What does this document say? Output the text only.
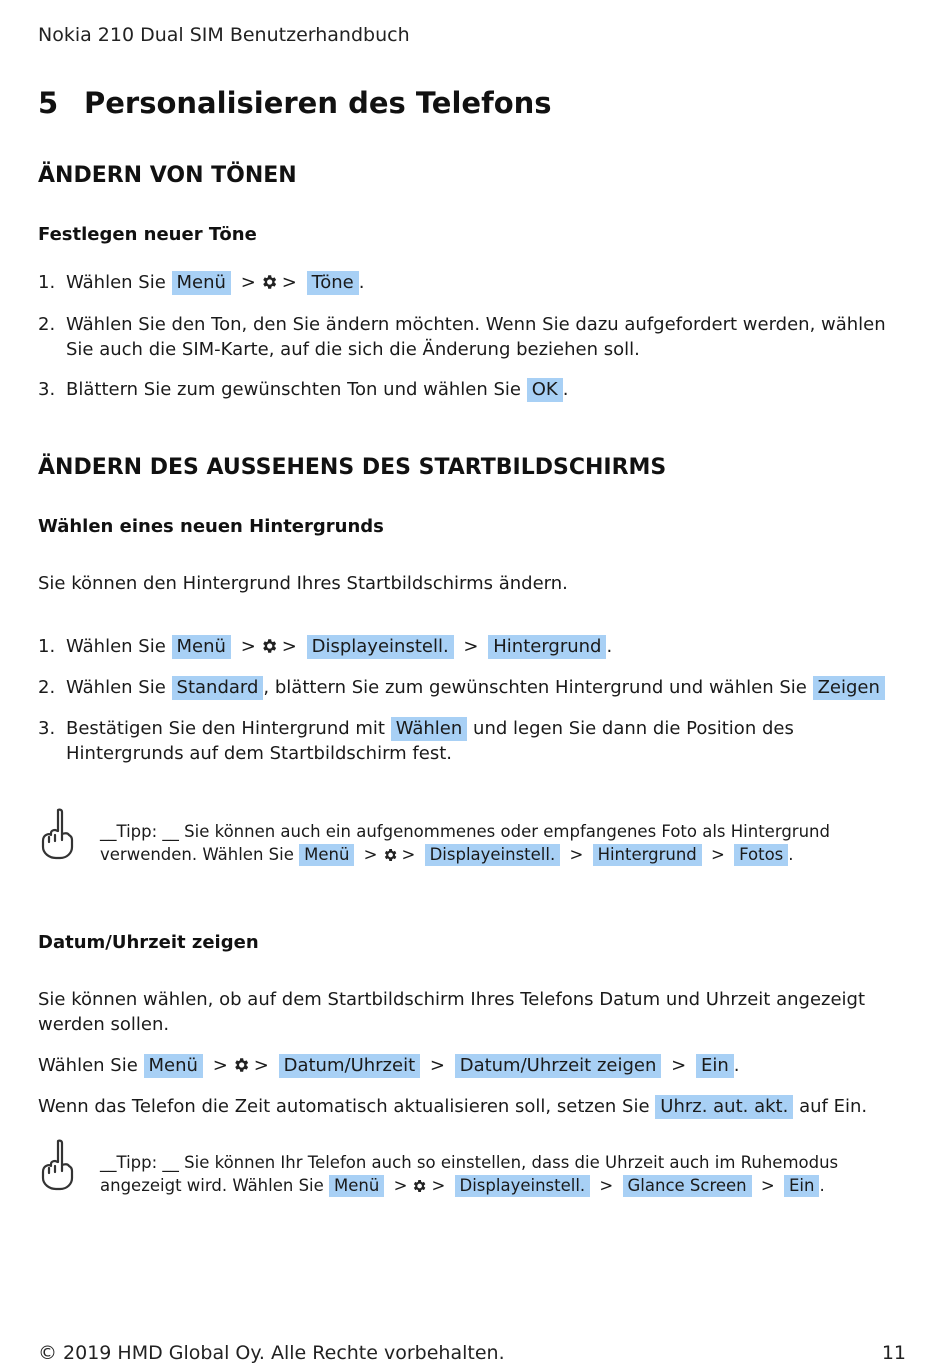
Nokia 210 Dual SIM Benutzerhandbuch
5 Personalisieren des Telefons
ÄNDERN VON TÖNEN
Festlegen neuer Töne
1. Wählen Sie Menü > > Töne .
2. Wählen Sie den Ton, den Sie ändern möchten. Wenn Sie dazu aufgefordert werden, wählen Sie auch die SIM-Karte, auf die sich die Änderung beziehen soll.
3. Blättern Sie zum gewünschten Ton und wählen Sie OK .
ÄNDERN DES AUSSEHENS DES STARTBILDSCHIRMS
Wählen eines neuen Hintergrunds
Sie können den Hintergrund Ihres Startbildschirms ändern.
1. Wählen Sie Menü > > Displayeinstell. > Hintergrund .
2. Wählen Sie Standard , blättern Sie zum gewünschten Hintergrund und wählen Sie Zeigen
3. Bestätigen Sie den Hintergrund mit Wählen und legen Sie dann die Position des Hintergrunds auf dem Startbildschirm fest.
__Tipp: __ Sie können auch ein aufgenommenes oder empfangenes Foto als Hintergrund verwenden. Wählen Sie Menü > > Displayeinstell. > Hintergrund > Fotos .
Datum/Uhrzeit zeigen
Sie können wählen, ob auf dem Startbildschirm Ihres Telefons Datum und Uhrzeit angezeigt werden sollen.
Wählen Sie Menü > > Datum/Uhrzeit > Datum/Uhrzeit zeigen > Ein .
Wenn das Telefon die Zeit automatisch aktualisieren soll, setzen Sie Uhrz. aut. akt. auf Ein.
__Tipp: __ Sie können Ihr Telefon auch so einstellen, dass die Uhrzeit auch im Ruhemodus angezeigt wird. Wählen Sie Menü > > Displayeinstell. > Glance Screen > Ein .
© 2019 HMD Global Oy. Alle Rechte vorbehalten.	11
